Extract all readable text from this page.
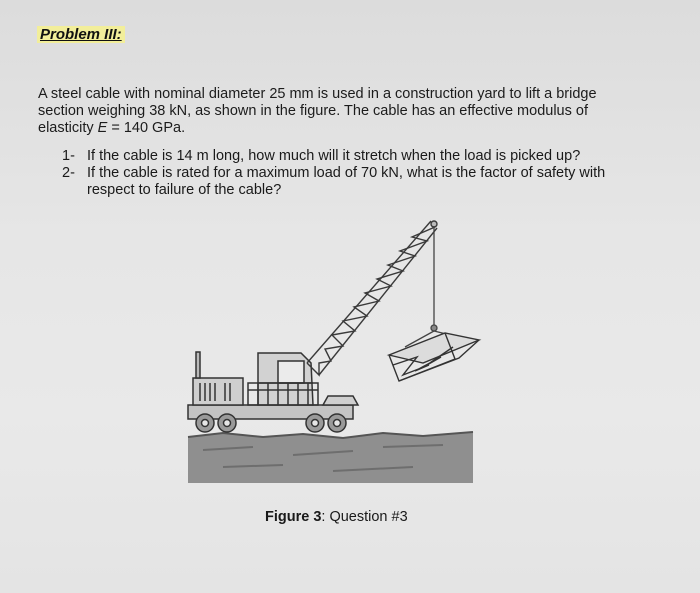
Problem III:
A steel cable with nominal diameter 25 mm is used in a construction yard to lift a bridge
section weighing 38 kN, as shown in the figure. The cable has an effective modulus of
elasticity E = 140 GPa.
1- If the cable is 14 m long, how much will it stretch when the load is picked up?
2- If the cable is rated for a maximum load of 70 kN, what is the factor of safety with
respect to failure of the cable?
Figure 3: Question #3
